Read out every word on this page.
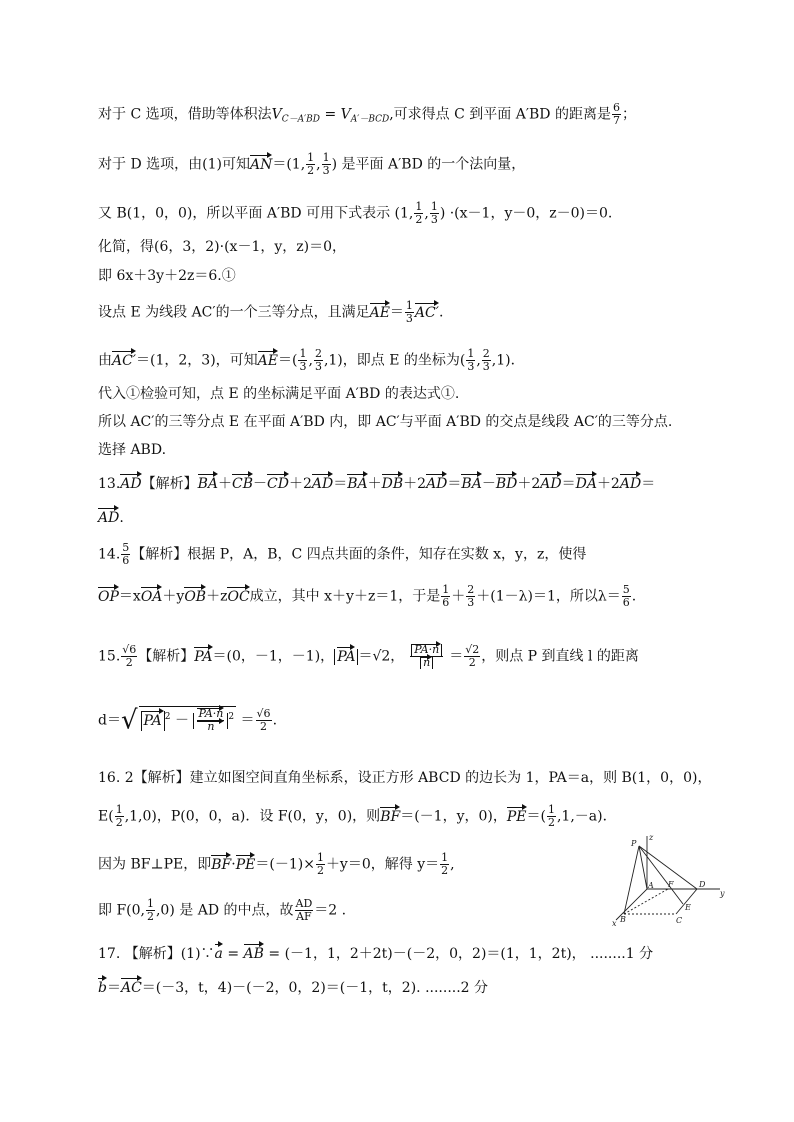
对于 C 选项，借助等体积法$V_{C-A'BD} = V_{A'-BCD}$,可求得点 C 到平面 A′BD 的距离是 $\frac{6}{7}$ ；
对于 D 选项，由(1)可知AN＝(1, $\frac{1}{2}$ , $\frac{1}{3}$ ) 是平面 A′BD 的一个法向量，
又 B(1，0，0)，所以平面 A′BD 可用下式表示 (1, $\frac{1}{2}$ , $\frac{1}{3}$ ) ·(x－1，y－0，z－0)＝0.
化简，得(6，3，2)·(x－1，y，z)＝0，
即 6x＋3y＋2z＝6.①
设点 E 为线段 AC′的一个三等分点，且满足$AE= \frac{1}{3} AC'$.
由AC′＝(1，2，3)，可知$AE=( \frac{1}{3}$ , $\frac{2}{3} ,1$)，即点 E 的坐标为( $\frac{1}{3}$ , $\frac{2}{3} ,1$)．
代入①检验可知，点 E 的坐标满足平面 A′BD 的表达式①.
所以 AC′的三等分点 E 在平面 A′BD 内，即 AC′与平面 A′BD 的交点是线段 AC′的三等分点.
选择 ABD.
13.AD【解析】BA＋CB－CD＋2AD＝BA＋DB＋2AD＝BA－BD＋2AD＝DA＋2AD＝
AD.
14. $\frac{5}{6}$ 【解析】根据 P，A，B，C 四点共面的条件，知存在实数 x，y，z，使得
OP＝xOA＋yOB＋zOC成立，其中 x＋y＋z＝1，于是 $\frac{1}{6} + \frac{2}{3} +(1-\lambda)=1$，所以$\lambda= \frac{5}{6}$ .
15. $\frac{√6}{2}$ 【解析】PA＝(0，－1，－1)， PA ＝√2， $\frac{PA\cdot n}{n} = \frac{√2}{2}$ ，则点 P 到直线 l 的距离
d＝√ PA $^2 - \frac{PA\cdot n}{n} ^2 = \frac{√6}{2}$ .
16. 2【解析】建立如图空间直角坐标系，设正方形 ABCD 的边长为 1，PA＝a，则 B(1，0，0)，
$E( \frac{1}{2} ,1,0)$，P(0，0，a)．设 F(0，y，0)，则BF＝(－1，y，0)，$PE=( \frac{1}{2} ,1,-a)$．
因为 BF⊥PE，即$BF\cdot PE=(-1)\times \frac{1}{2} +y=0$，解得 $y= \frac{1}{2}$ ,
即 F(0, $\frac{1}{2} ,0$) 是 AD 的中点，故 $\frac{AD}{AF} =2$ .
17. 【解析】(1)∵a = AB = (－1，1，2＋2t)－(－2，0，2)＝(1，1，2t)， ........1 分
b＝AC＝(－3，t，4)－(－2，0，2)＝(－1，t，2). ........2 分
z
P
A F	D
y
x B	C
E
